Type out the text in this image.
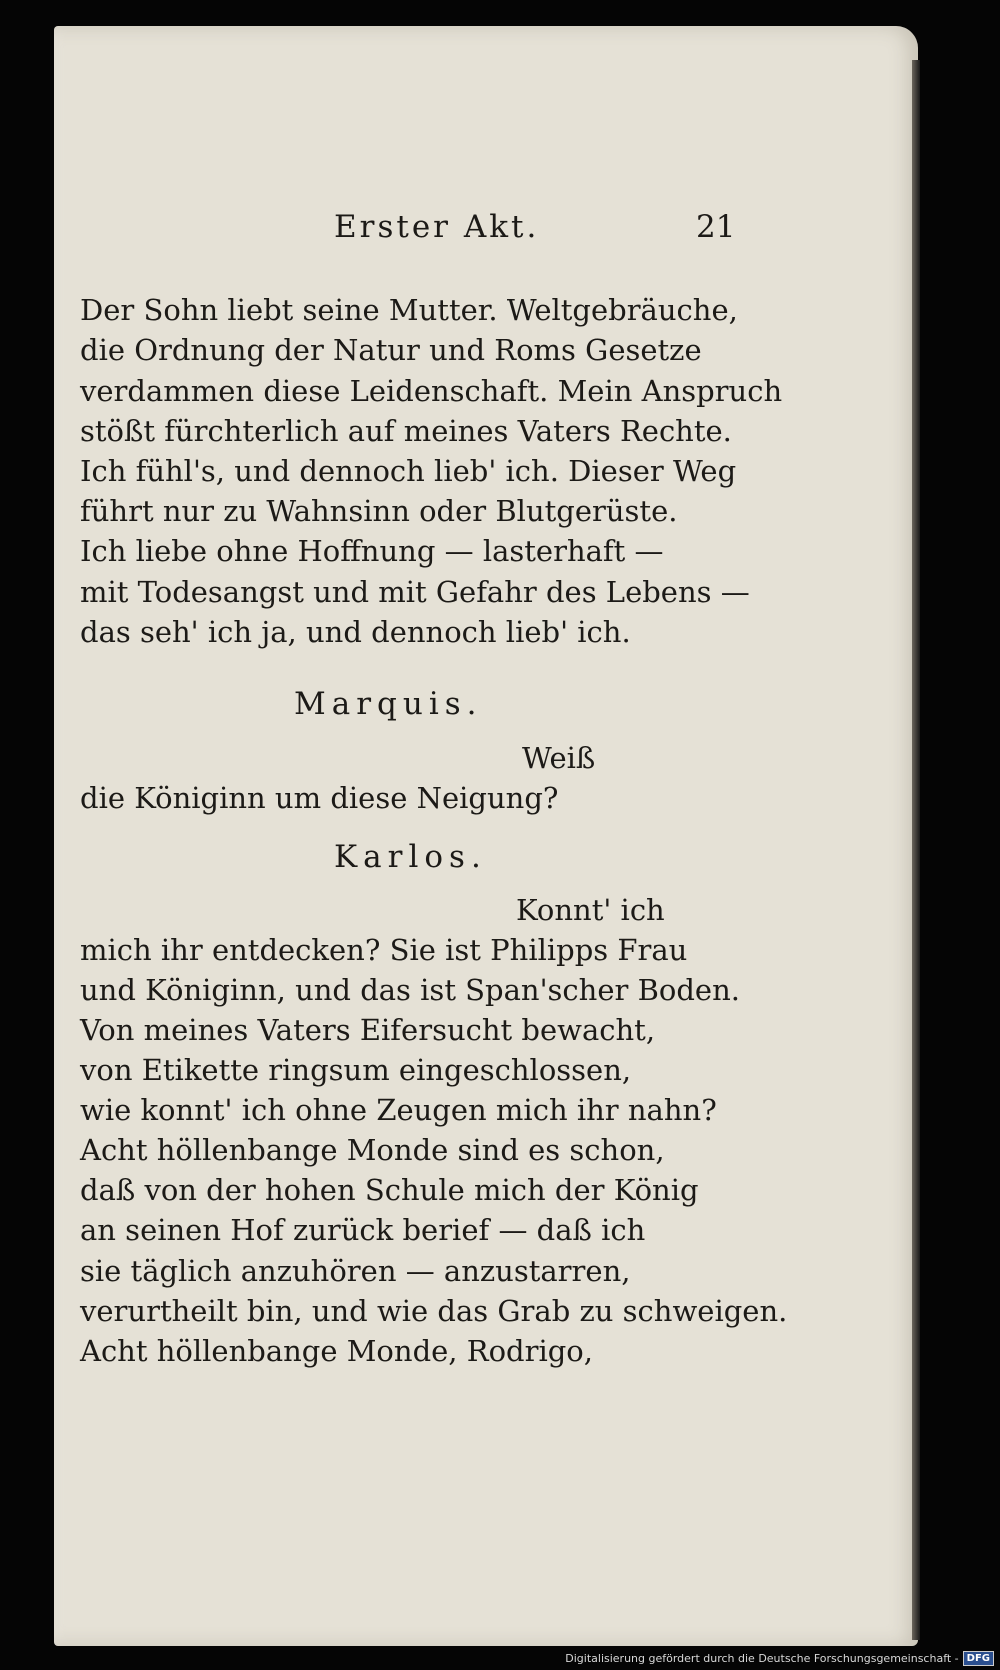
Erster Akt.	21
Der Sohn liebt seine Mutter. Weltgebräuche,
die Ordnung der Natur und Roms Gesetze
verdammen diese Leidenschaft. Mein Anspruch
stößt fürchterlich auf meines Vaters Rechte.
Ich fühl's, und dennoch lieb' ich. Dieser Weg
führt nur zu Wahnsinn oder Blutgerüste.
Ich liebe ohne Hoffnung — lasterhaft —
mit Todesangst und mit Gefahr des Lebens —
das seh' ich ja, und dennoch lieb' ich.
Marquis.
Weiß
die Königinn um diese Neigung?
Karlos.
Konnt' ich
mich ihr entdecken? Sie ist Philipps Frau
und Königinn, und das ist Span'scher Boden.
Von meines Vaters Eifersucht bewacht,
von Etikette ringsum eingeschlossen,
wie konnt' ich ohne Zeugen mich ihr nahn?
Acht höllenbange Monde sind es schon,
daß von der hohen Schule mich der König
an seinen Hof zurück berief — daß ich
sie täglich anzuhören — anzustarren,
verurtheilt bin, und wie das Grab zu schweigen.
Acht höllenbange Monde, Rodrigo,
Digitalisierung gefördert durch die Deutsche Forschungsgemeinschaft - DFG
